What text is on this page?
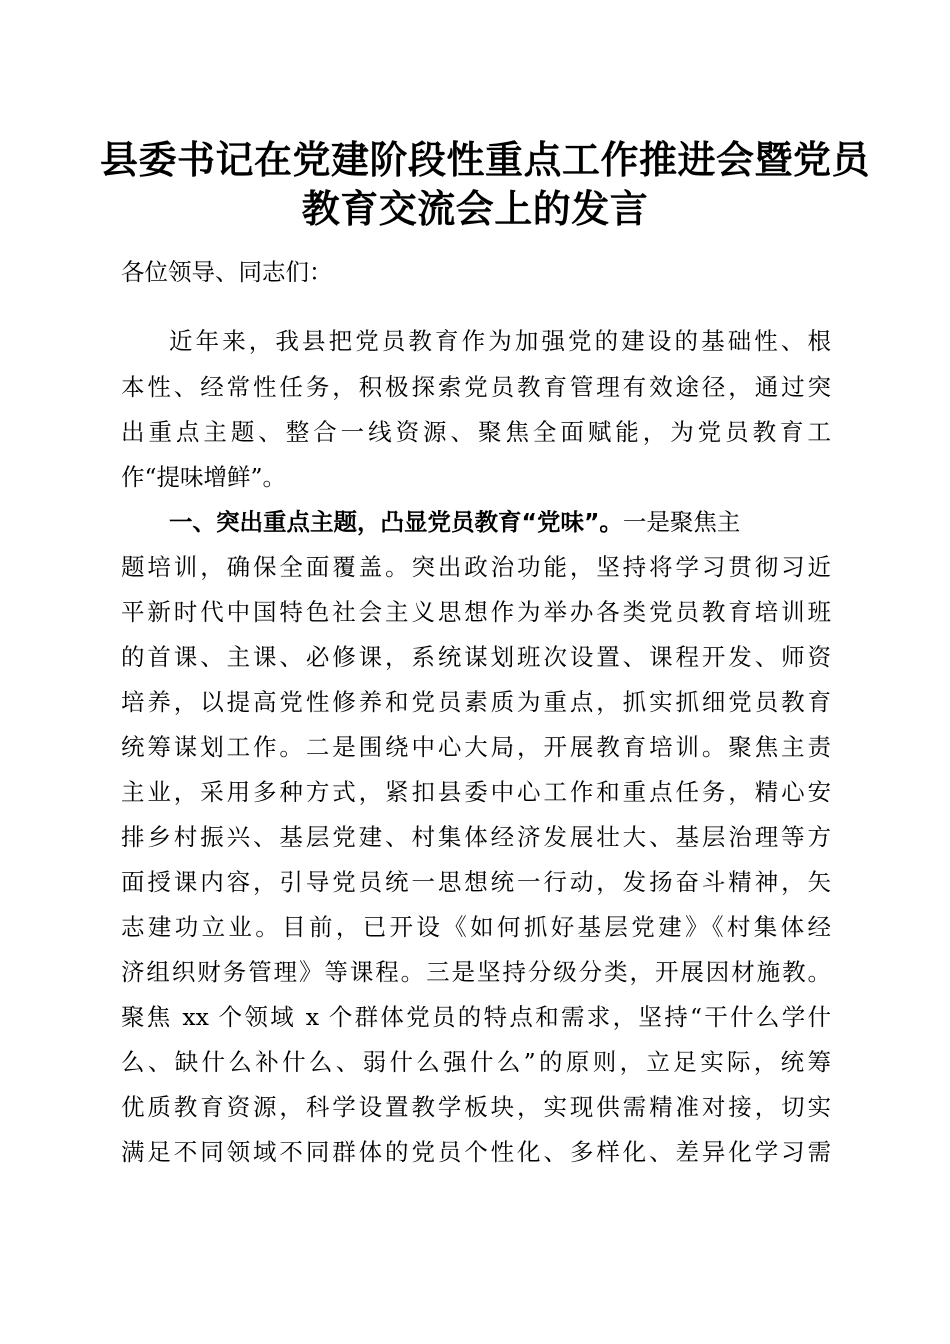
县委书记在党建阶段性重点工作推进会暨党员
教育交流会上的发言
各位领导、同志们：
近年来，我县把党员教育作为加强党的建设的基础性、根
本性、经常性任务，积极探索党员教育管理有效途径，通过突
出重点主题、整合一线资源、聚焦全面赋能，为党员教育工
作“提味增鲜”。
一、突出重点主题，凸显党员教育“党味”。一是聚焦主
题培训，确保全面覆盖。突出政治功能，坚持将学习贯彻习近
平新时代中国特色社会主义思想作为举办各类党员教育培训班
的首课、主课、必修课，系统谋划班次设置、课程开发、师资
培养，以提高党性修养和党员素质为重点，抓实抓细党员教育
统筹谋划工作。二是围绕中心大局，开展教育培训。聚焦主责
主业，采用多种方式，紧扣县委中心工作和重点任务，精心安
排乡村振兴、基层党建、村集体经济发展壮大、基层治理等方
面授课内容，引导党员统一思想统一行动，发扬奋斗精神，矢
志建功立业。目前，已开设《如何抓好基层党建》《村集体经
济组织财务管理》等课程。三是坚持分级分类，开展因材施教。
聚焦 xx 个领域 x 个群体党员的特点和需求，坚持“干什么学什
么、缺什么补什么、弱什么强什么”的原则，立足实际，统筹
优质教育资源，科学设置教学板块，实现供需精准对接，切实
满足不同领域不同群体的党员个性化、多样化、差异化学习需
